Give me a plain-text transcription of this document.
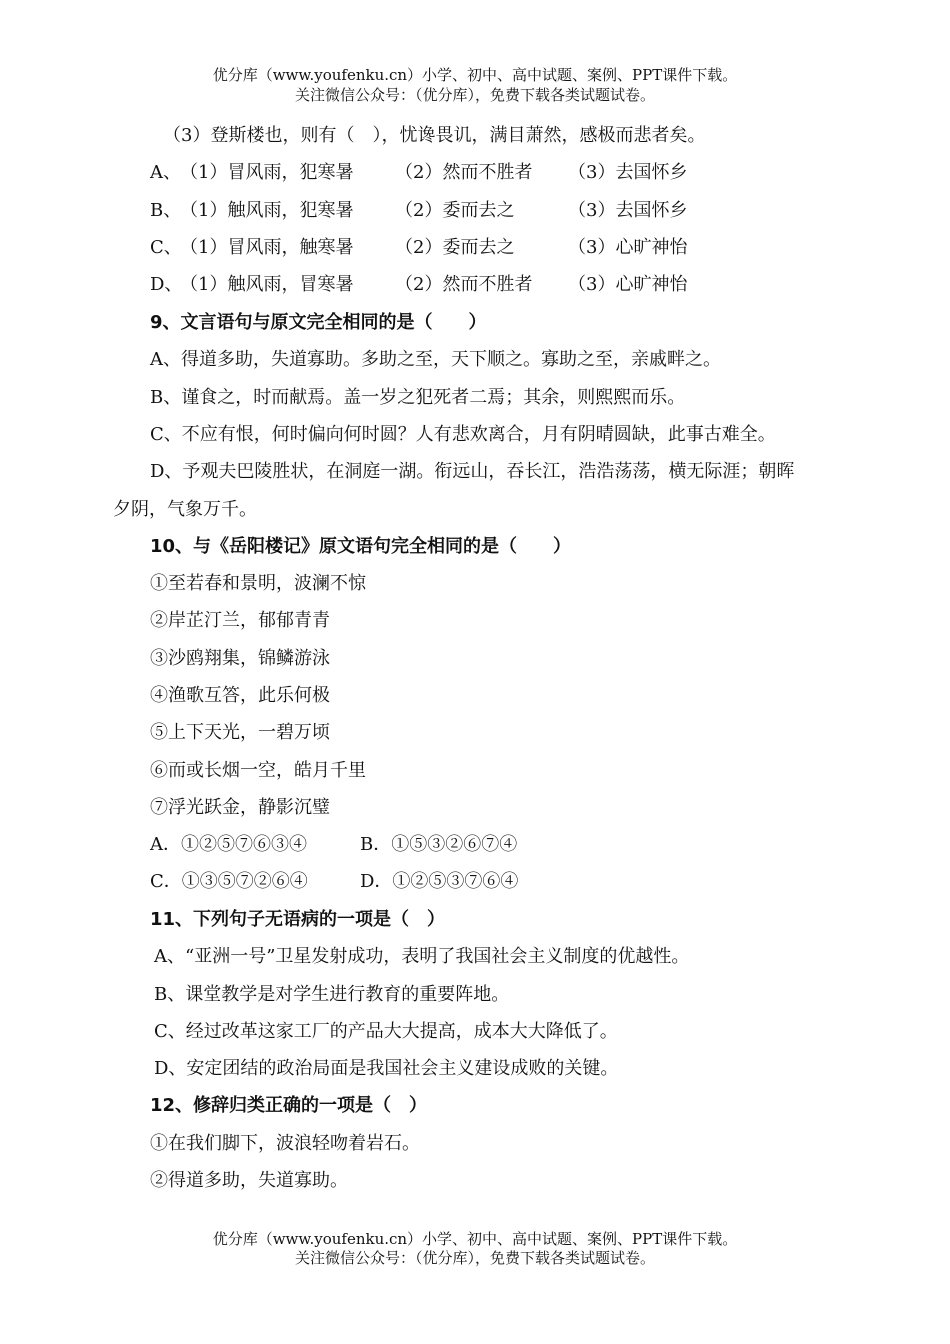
优分库（www.youfenku.cn）小学、初中、高中试题、案例、PPT课件下载。
关注微信公众号：（优分库），免费下载各类试题试卷。
（3）登斯楼也，则有（　），忧谗畏讥，满目萧然，感极而悲者矣。
A、 （1）冒风雨，犯寒暑 （2）然而不胜者 （3）去国怀乡
B、
（1）触风雨，犯寒暑 （2）委而去之	（3）去国怀乡
C、
（1）冒风雨，触寒暑 （2）委而去之	（3）心旷神怡
D、
（1）触风雨，冒寒暑 （2）然而不胜者 （3）心旷神怡
9、文言语句与原文完全相同的是（　　）
A、得道多助，失道寡助。多助之至，天下顺之。寡助之至，亲戚畔之。
B、谨食之，时而献焉。盖一岁之犯死者二焉；其余，则熙熙而乐。
C、不应有恨，何时偏向何时圆？人有悲欢离合，月有阴晴圆缺，此事古难全。
D、予观夫巴陵胜状，在洞庭一湖。衔远山，吞长江，浩浩荡荡，横无际涯；朝晖
夕阴，气象万千。
10、与《岳阳楼记》原文语句完全相同的是（　　）
①至若春和景明，波澜不惊
②岸芷汀兰，郁郁青青
③沙鸥翔集，锦鳞游泳
④渔歌互答，此乐何极
⑤上下天光，一碧万顷
⑥而或长烟一空，皓月千里
⑦浮光跃金，静影沉璧
A．①②⑤⑦⑥③④	B．①⑤③②⑥⑦④
C．①③⑤⑦②⑥④	D．①②⑤③⑦⑥④
11、下列句子无语病的一项是（　）
A、“亚洲一号”卫星发射成功，表明了我国社会主义制度的优越性。
B、课堂教学是对学生进行教育的重要阵地。
C、经过改革这家工厂的产品大大提高，成本大大降低了。
D、安定团结的政治局面是我国社会主义建设成败的关键。
12、修辞归类正确的一项是（　）
①在我们脚下，波浪轻吻着岩石。
②得道多助，失道寡助。
优分库（www.youfenku.cn）小学、初中、高中试题、案例、PPT课件下载。
关注微信公众号：（优分库），免费下载各类试题试卷。
